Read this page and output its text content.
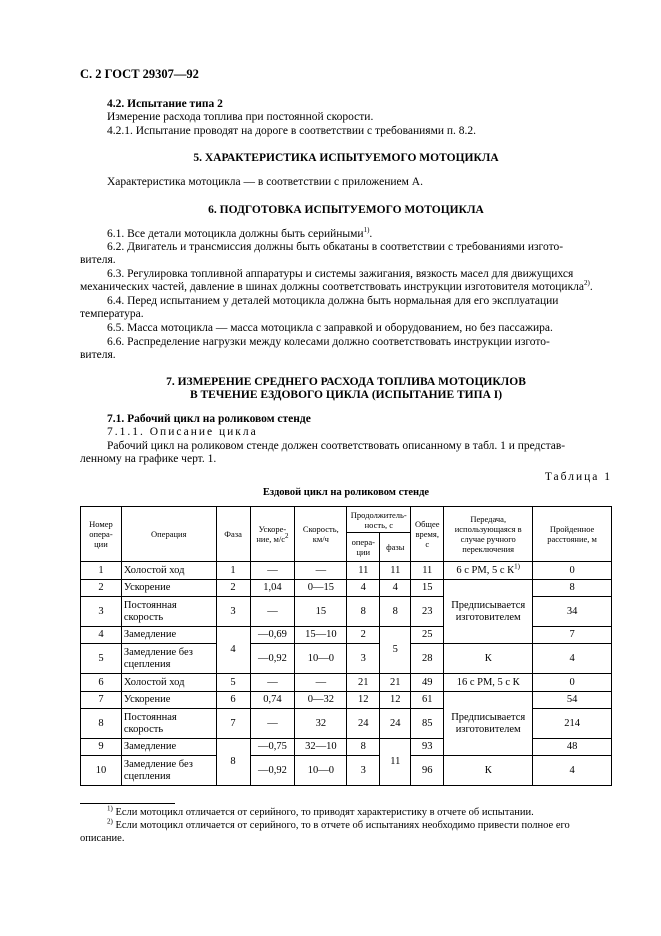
С. 2 ГОСТ 29307—92
4.2. Испытание типа 2
Измерение расхода топлива при постоянной скорости.
4.2.1. Испытание проводят на дороге в соответствии с требованиями п. 8.2.
5. ХАРАКТЕРИСТИКА ИСПЫТУЕМОГО МОТОЦИКЛА
Характеристика мотоцикла — в соответствии с приложением А.
6. ПОДГОТОВКА ИСПЫТУЕМОГО МОТОЦИКЛА
6.1. Все детали мотоцикла должны быть серийными$^{1)}$.
6.2. Двигатель и трансмиссия должны быть обкатаны в соответствии с требованиями изгото-
вителя.
6.3. Регулировка топливной аппаратуры и системы зажигания, вязкость масел для движущихся
механических частей, давление в шинах должны соответствовать инструкции изготовителя мотоцикла$^{2)}$.
6.4. Перед испытанием у деталей мотоцикла должна быть нормальная для его эксплуатации
температура.
6.5. Масса мотоцикла — масса мотоцикла с заправкой и оборудованием, но без пассажира.
6.6. Распределение нагрузки между колесами должно соответствовать инструкции изгото-
вителя.
7. ИЗМЕРЕНИЕ СРЕДНЕГО РАСХОДА ТОПЛИВА МОТОЦИКЛОВ
В ТЕЧЕНИЕ ЕЗДОВОГО ЦИКЛА (ИСПЫТАНИЕ ТИПА I)
7.1. Рабочий цикл на роликовом стенде
7.1.1. Описание цикла
Рабочий цикл на роликовом стенде должен соответствовать описанному в табл. 1 и представ-
ленному на графике черт. 1.
Таблица 1
Ездовой цикл на роликовом стенде
Номер опера-ции	Операция	Фаза	Ускоре-ние, $м/с^2$	Скорость, км/ч	Продолжитель-ность, с		Общее время, с	Передача, использующаяся в случае ручного переключения	Пройденное расстояние, м
					опера-ции	фазы			
1	Холостой ход	1	—	—	11	11	11	6 с РМ, 5 с $К^{1)}$	0
2	Ускорение	2	1,04	0—15	4	4	15	Предписывается изготовителем	8
3	Постоянная скорость	3	—	15	8	8	23		34
4	Замедление	4	—0,69	15—10	2	5	25		7
5	Замедление без сцепления		—0,92	10—0	3		28	К	4
6	Холостой ход	5	—	—	21	21	49	16 с РМ, 5 с К	0
7	Ускорение	6	0,74	0—32	12	12	61	Предписывается изготовителем	54
8	Постоянная скорость	7	—	32	24	24	85		214
9	Замедление	8	—0,75	32—10	8	11	93		48
10	Замедление без сцепления		—0,92	10—0	3		96	К	4
$^{1)}$ Если мотоцикл отличается от серийного, то приводят характеристику в отчете об испытании.
$^{2)}$ Если мотоцикл отличается от серийного, то в отчете об испытаниях необходимо привести полное его
описание.
